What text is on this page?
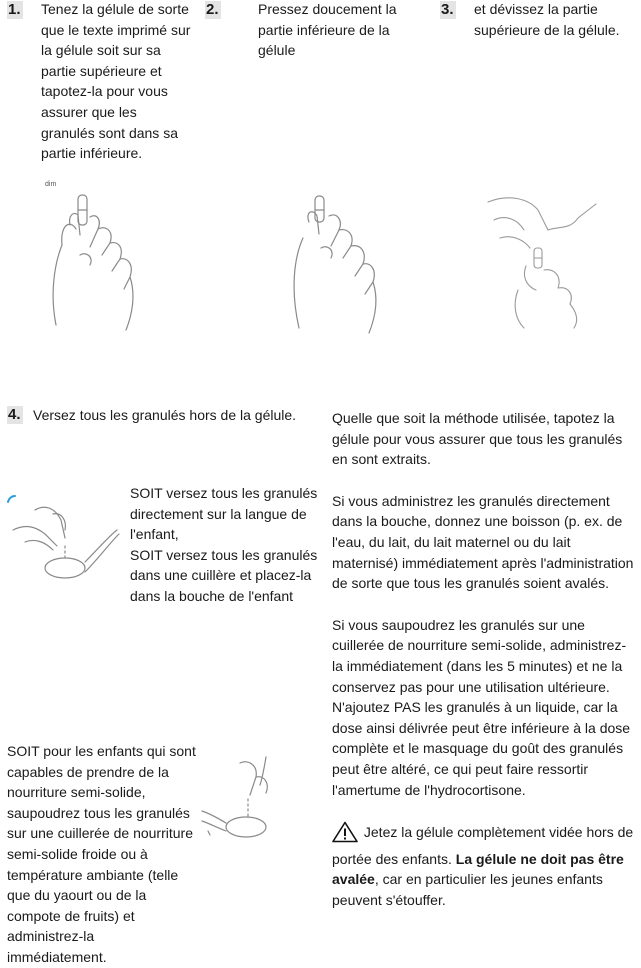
1. Tenez la gélule de sorte que le texte imprimé sur la gélule soit sur sa partie supérieure et tapotez-la pour vous assurer que les granulés sont dans sa partie inférieure.
dim
2.	Pressez doucement la partie inférieure de la gélule
3. et dévissez la partie supérieure de la gélule.
4. Versez tous les granulés hors de la gélule.
SOIT versez tous les granulés directement sur la langue de l'enfant,
SOIT versez tous les granulés dans une cuillère et placez-la dans la bouche de l'enfant
SOIT pour les enfants qui sont capables de prendre de la nourriture semi-solide, saupoudrez tous les granulés sur une cuillerée de nourriture semi-solide froide ou à température ambiante (telle que du yaourt ou de la compote de fruits) et administrez-la immédiatement.

Quelle que soit la méthode utilisée, tapotez la gélule pour vous assurer que tous les granulés en sont extraits.

Si vous administrez les granulés directement dans la bouche, donnez une boisson (p. ex. de l'eau, du lait, du lait maternel ou du lait maternisé) immédiatement après l'administration de sorte que tous les granulés soient avalés.

Si vous saupoudrez les granulés sur une cuillerée de nourriture semi-solide, administrez-la immédiatement (dans les 5 minutes) et ne la conservez pas pour une utilisation ultérieure.

N'ajoutez PAS les granulés à un liquide, car la dose ainsi délivrée peut être inférieure à la dose complète et le masquage du goût des granulés peut être altéré, ce qui peut faire ressortir l'amertume de l'hydrocortisone.

Jetez la gélule complètement vidée hors de portée des enfants. La gélule ne doit pas être avalée, car en particulier les jeunes enfants peuvent s'étouffer.
